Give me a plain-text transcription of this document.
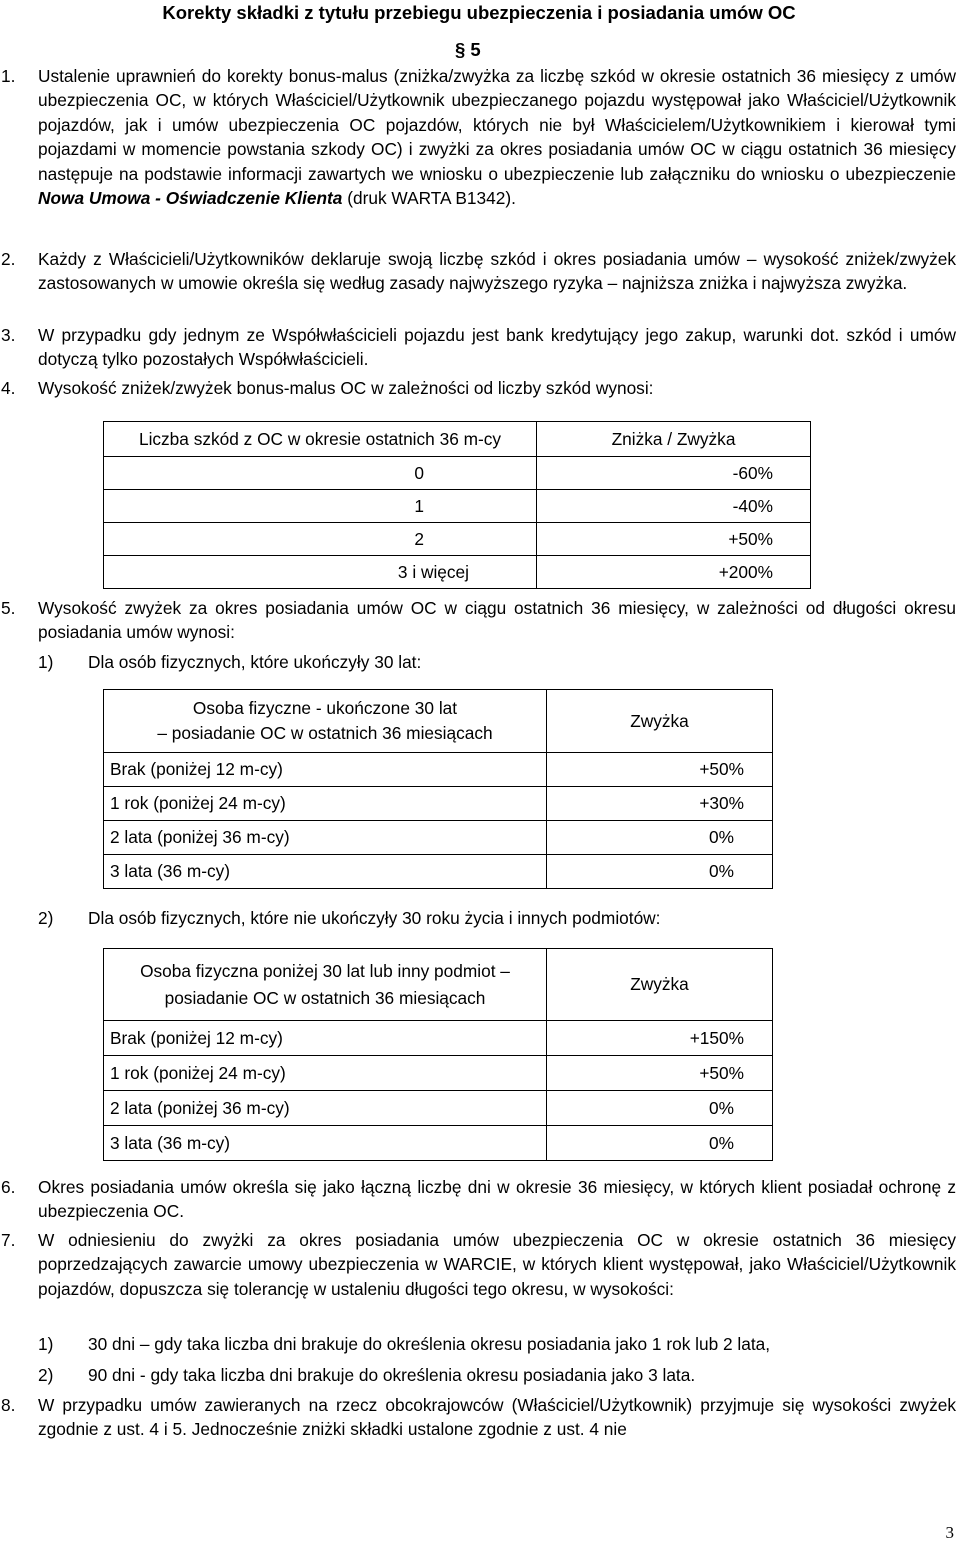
Korekty składki z tytułu przebiegu ubezpieczenia i posiadania umów OC
§ 5
1. Ustalenie uprawnień do korekty bonus-malus (zniżka/zwyżka za liczbę szkód w okresie ostatnich 36 miesięcy z umów ubezpieczenia OC, w których Właściciel/Użytkownik ubezpieczanego pojazdu występował jako Właściciel/Użytkownik pojazdów, jak i umów ubezpieczenia OC pojazdów, których nie był Właścicielem/Użytkownikiem i kierował tymi pojazdami w momencie powstania szkody OC) i zwyżki za okres posiadania umów OC w ciągu ostatnich 36 miesięcy następuje na podstawie informacji zawartych we wniosku o ubezpieczenie lub załączniku do wniosku o ubezpieczenie Nowa Umowa - Oświadczenie Klienta (druk WARTA B1342).
2. Każdy z Właścicieli/Użytkowników deklaruje swoją liczbę szkód i okres posiadania umów – wysokość zniżek/zwyżek zastosowanych w umowie określa się według zasady najwyższego ryzyka – najniższa zniżka i najwyższa zwyżka.
3. W przypadku gdy jednym ze Współwłaścicieli pojazdu jest bank kredytujący jego zakup, warunki dot. szkód i umów dotyczą tylko pozostałych Współwłaścicieli.
4. Wysokość zniżek/zwyżek bonus-malus OC w zależności od liczby szkód wynosi:
Liczba szkód z OC w okresie ostatnich 36 m-cy	Zniżka / Zwyżka
0	-60%
1	-40%
2	+50%
3 i więcej	+200%
5. Wysokość zwyżek za okres posiadania umów OC w ciągu ostatnich 36 miesięcy, w zależności od długości okresu posiadania umów wynosi:
1) Dla osób fizycznych, które ukończyły 30 lat:
Osoba fizyczne - ukończone 30 lat
– posiadanie OC w ostatnich 36 miesiącach	Zwyżka
Brak (poniżej 12 m-cy)	+50%
1 rok (poniżej 24 m-cy)	+30%
2 lata (poniżej 36 m-cy)	0%
3 lata (36 m-cy)	0%
2) Dla osób fizycznych, które nie ukończyły 30 roku życia i innych podmiotów:
Osoba fizyczna poniżej 30 lat lub inny podmiot –
posiadanie OC w ostatnich 36 miesiącach	Zwyżka
Brak (poniżej 12 m-cy)	+150%
1 rok (poniżej 24 m-cy)	+50%
2 lata (poniżej 36 m-cy)	0%
3 lata (36 m-cy)	0%
6. Okres posiadania umów określa się jako łączną liczbę dni w okresie 36 miesięcy, w których klient posiadał ochronę z ubezpieczenia OC.
7. W odniesieniu do zwyżki za okres posiadania umów ubezpieczenia OC w okresie ostatnich 36 miesięcy poprzedzających zawarcie umowy ubezpieczenia w WARCIE, w których klient występował, jako Właściciel/Użytkownik pojazdów, dopuszcza się tolerancję w ustaleniu długości tego okresu, w wysokości:
1) 30 dni – gdy taka liczba dni brakuje do określenia okresu posiadania jako 1 rok lub 2 lata,
2) 90 dni - gdy taka liczba dni brakuje do określenia okresu posiadania jako 3 lata.
8. W przypadku umów zawieranych na rzecz obcokrajowców (Właściciel/Użytkownik) przyjmuje się wysokości zwyżek zgodnie z ust. 4 i 5. Jednocześnie zniżki składki ustalone zgodnie z ust. 4 nie
3
